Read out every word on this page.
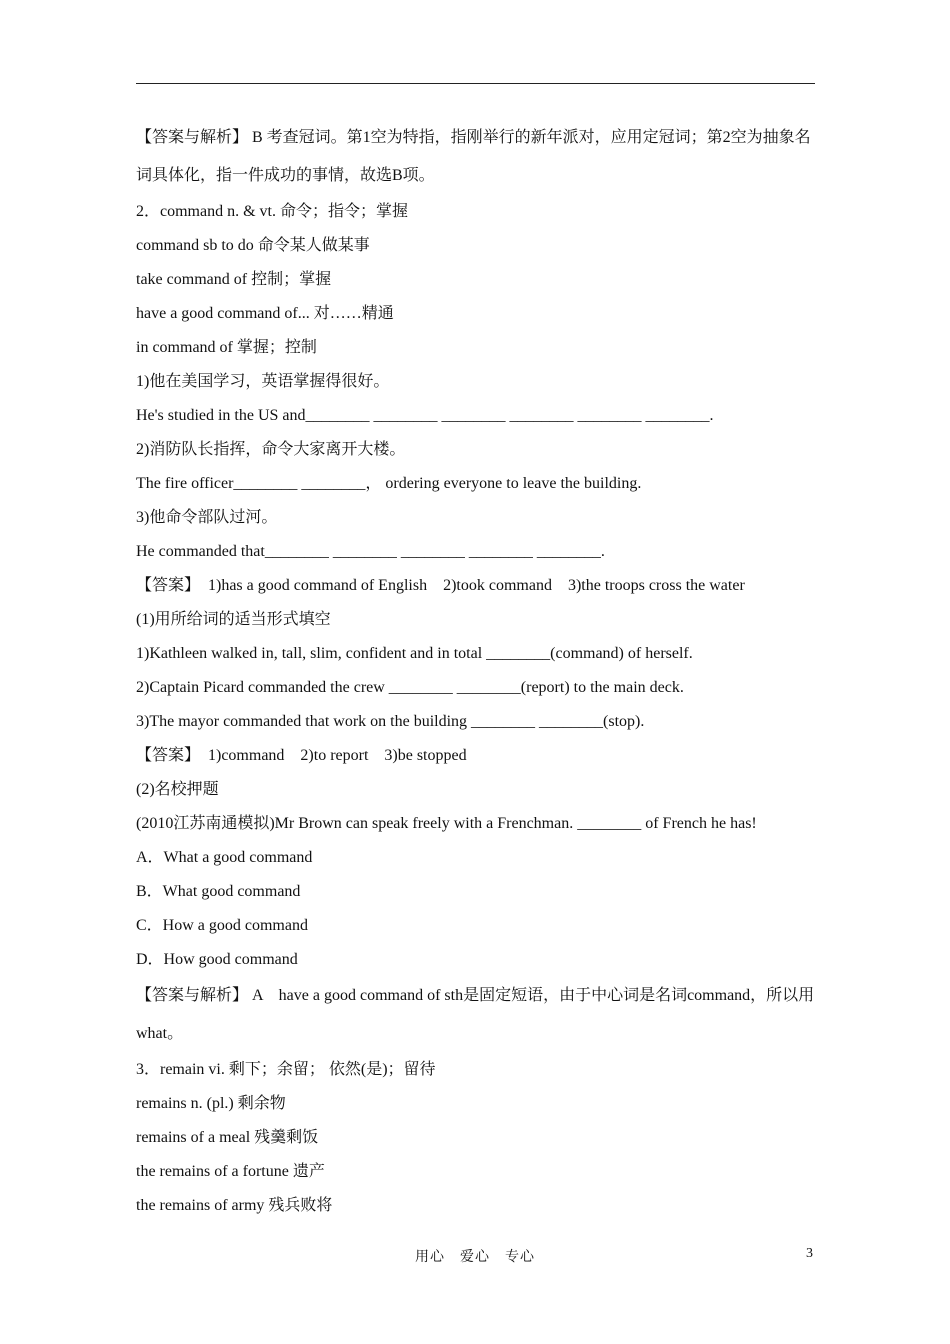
【答案与解析】 B 考查冠词。第1空为特指，指刚举行的新年派对，应用定冠词；第2空为抽象名词具体化，指一件成功的事情，故选B项。
2．command n. & vt. 命令；指令；掌握
command sb to do 命令某人做某事
take command of 控制；掌握
have a good command of... 对……精通
in command of 掌握；控制
1)他在美国学习，英语掌握得很好。
He's studied in the US and________ ________ ________ ________ ________ ________.
2)消防队长指挥，命令大家离开大楼。
The fire officer________ ________， ordering everyone to leave the building.
3)他命令部队过河。
He commanded that________ ________ ________ ________ ________.
【答案】　1)has a good command of English　2)took command　3)the troops cross the water
(1)用所给词的适当形式填空
1)Kathleen walked in, tall, slim, confident and in total ________(command) of herself.
2)Captain Picard commanded the crew ________ ________(report) to the main deck.
3)The mayor commanded that work on the building ________ ________(stop).
【答案】　1)command　2)to report　3)be stopped
(2)名校押题
(2010江苏南通模拟)Mr Brown can speak freely with a Frenchman. ________ of French he has!
A．What a good command
B．What good command
C．How a good command
D．How good command
【答案与解析】 A　have a good command of sth是固定短语，由于中心词是名词command，所以用what。
3．remain vi. 剩下；余留； 依然(是)；留待
remains n. (pl.) 剩余物
remains of a meal 残羹剩饭
the remains of a fortune 遗产
the remains of army 残兵败将
用心　爱心　专心	3
